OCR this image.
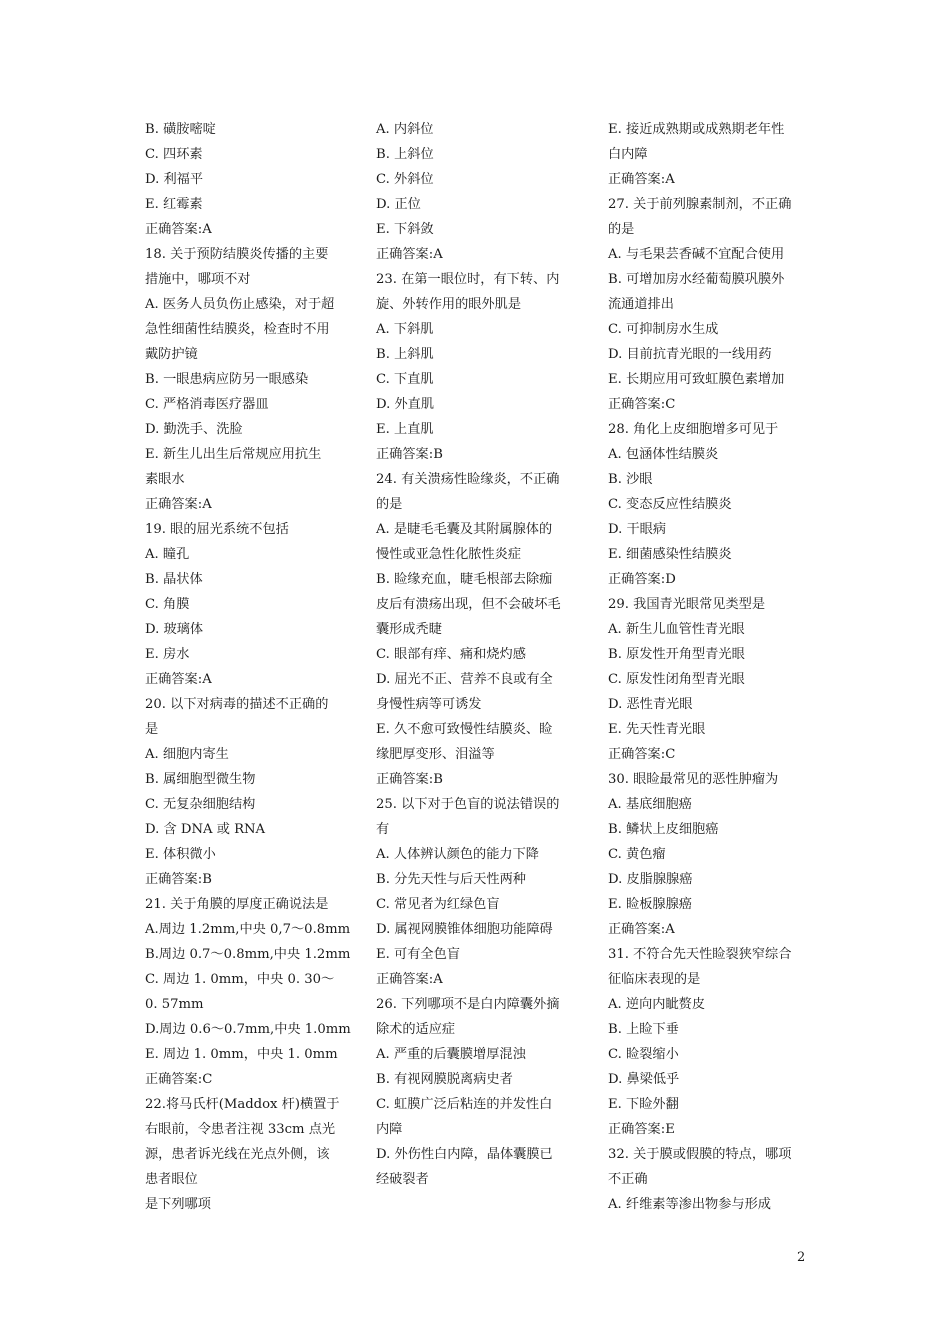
B. 磺胺嘧啶
C. 四环素
D. 利福平
E. 红霉素
正确答案:A
18. 关于预防结膜炎传播的主要
措施中，哪项不对
A. 医务人员负伤止感染，对于超
急性细菌性结膜炎，检查时不用
戴防护镜
B. 一眼患病应防另一眼感染
C. 严格消毒医疗器皿
D. 勤洗手、洗脸
E. 新生儿出生后常规应用抗生
素眼水
正确答案:A
19. 眼的屈光系统不包括
A. 瞳孔
B. 晶状体
C. 角膜
D. 玻璃体
E. 房水
正确答案:A
20. 以下对病毒的描述不正确的
是
A. 细胞内寄生
B. 属细胞型微生物
C. 无复杂细胞结构
D. 含 DNA 或 RNA
E. 体积微小
正确答案:B
21. 关于角膜的厚度正确说法是
A.周边 1.2mm,中央 0,7～0.8mm
B.周边 0.7～0.8mm,中央 1.2mm
C. 周边 1. 0mm，中央 0. 30～
0. 57mm
D.周边 0.6～0.7mm,中央 1.0mm
E. 周边 1. 0mm，中央 1. 0mm
正确答案:C
22.将马氏杆(Maddox 杆)横置于
右眼前，令患者注视 33cm 点光
源，患者诉光线在光点外侧，该
患者眼位
是下列哪项
A. 内斜位
B. 上斜位
C. 外斜位
D. 正位
E. 下斜敛
正确答案:A
23. 在第一眼位时，有下转、内
旋、外转作用的眼外肌是
A. 下斜肌
B. 上斜肌
C. 下直肌
D. 外直肌
E. 上直肌
正确答案:B
24. 有关溃疡性睑缘炎，不正确
的是
A. 是睫毛毛囊及其附属腺体的
慢性或亚急性化脓性炎症
B. 睑缘充血，睫毛根部去除痂
皮后有溃疡出现，但不会破坏毛
囊形成秃睫
C. 眼部有痒、痛和烧灼感
D. 屈光不正、营养不良或有全
身慢性病等可诱发
E. 久不愈可致慢性结膜炎、睑
缘肥厚变形、泪溢等
正确答案:B
25. 以下对于色盲的说法错误的
有
A. 人体辨认颜色的能力下降
B. 分先天性与后天性两种
C. 常见者为红绿色盲
D. 属视网膜锥体细胞功能障碍
E. 可有全色盲
正确答案:A
26. 下列哪项不是白内障囊外摘
除术的适应症
A. 严重的后囊膜增厚混浊
B. 有视网膜脱离病史者
C. 虹膜广泛后粘连的并发性白
内障
D. 外伤性白内障，晶体囊膜已
经破裂者
E. 接近成熟期或成熟期老年性
白内障
正确答案:A
27. 关于前列腺素制剂，不正确
的是
A. 与毛果芸香碱不宜配合使用
B. 可增加房水经葡萄膜巩膜外
流通道排出
C. 可抑制房水生成
D. 目前抗青光眼的一线用药
E. 长期应用可致虹膜色素增加
正确答案:C
28. 角化上皮细胞增多可见于
A. 包涵体性结膜炎
B. 沙眼
C. 变态反应性结膜炎
D. 干眼病
E. 细菌感染性结膜炎
正确答案:D
29. 我国青光眼常见类型是
A. 新生儿血管性青光眼
B. 原发性开角型青光眼
C. 原发性闭角型青光眼
D. 恶性青光眼
E. 先天性青光眼
正确答案:C
30. 眼睑最常见的恶性肿瘤为
A. 基底细胞癌
B. 鳞状上皮细胞癌
C. 黄色瘤
D. 皮脂腺腺癌
E. 睑板腺腺癌
正确答案:A
31. 不符合先天性睑裂狭窄综合
征临床表现的是
A. 逆向内眦赘皮
B. 上睑下垂
C. 睑裂缩小
D. 鼻梁低乎
E. 下睑外翻
正确答案:E
32. 关于膜或假膜的特点，哪项
不正确
A. 纤维素等渗出物参与形成
2
